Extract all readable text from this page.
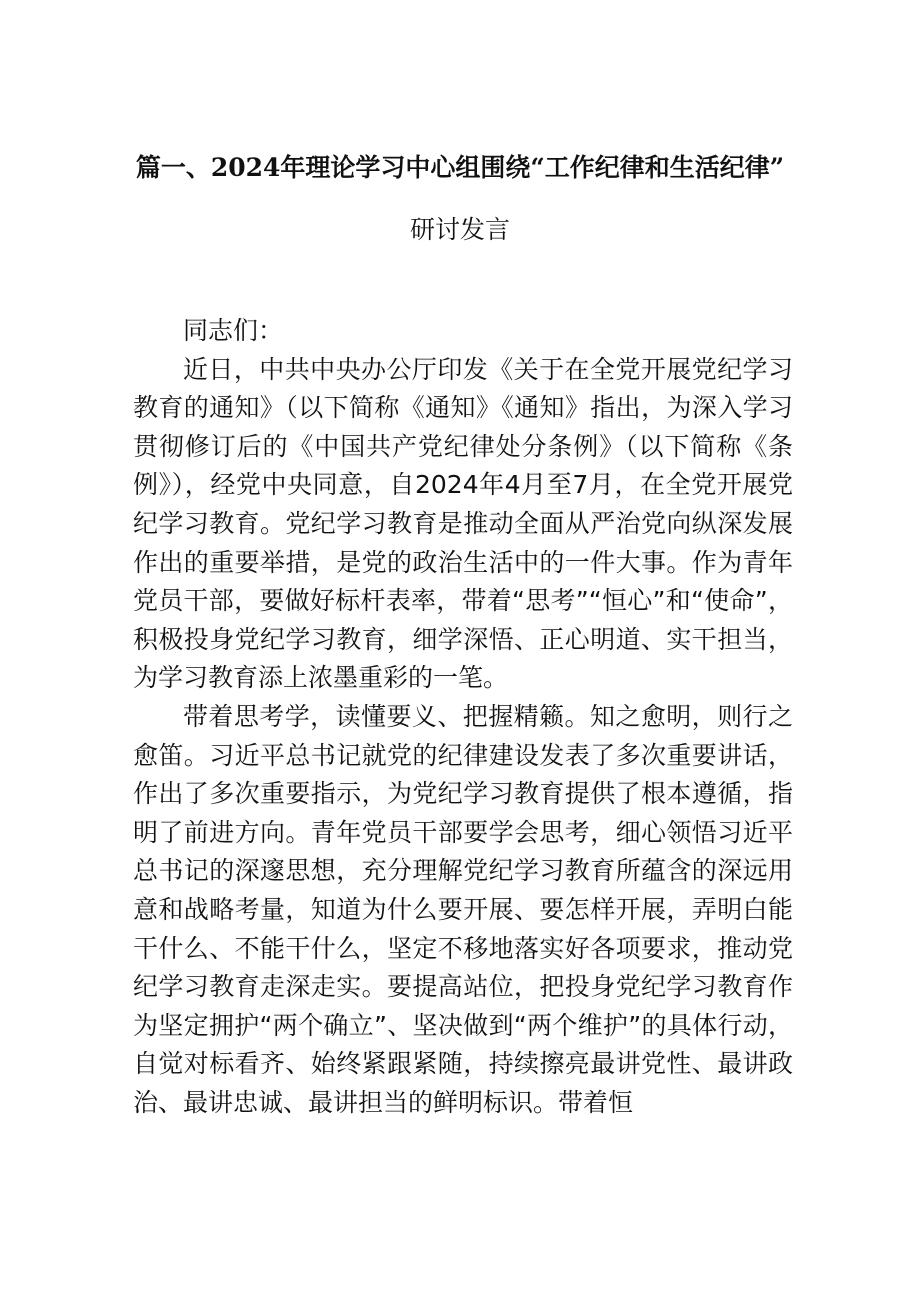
篇一、2024年理论学习中心组围绕“工作纪律和生活纪律”
研讨发言

同志们：

近日，中共中央办公厅印发《关于在全党开展党纪学习教育的通知》（以下简称《通知》《通知》指出，为深入学习贯彻修订后的《中国共产党纪律处分条例》（以下简称《条例》），经党中央同意，自2024年4月至7月，在全党开展党纪学习教育。党纪学习教育是推动全面从严治党向纵深发展作出的重要举措，是党的政治生活中的一件大事。作为青年党员干部，要做好标杆表率，带着“思考”“恒心”和“使命”，积极投身党纪学习教育，细学深悟、正心明道、实干担当，为学习教育添上浓墨重彩的一笔。

带着思考学，读懂要义、把握精籁。知之愈明，则行之愈笛。习近平总书记就党的纪律建设发表了多次重要讲话，作出了多次重要指示，为党纪学习教育提供了根本遵循，指明了前进方向。青年党员干部要学会思考，细心领悟习近平总书记的深邃思想，充分理解党纪学习教育所蕴含的深远用意和战略考量，知道为什么要开展、要怎样开展，弄明白能干什么、不能干什么，坚定不移地落实好各项要求，推动党纪学习教育走深走实。要提高站位，把投身党纪学习教育作为坚定拥护“两个确立”、坚决做到“两个维护”的具体行动，自觉对标看齐、始终紧跟紧随，持续擦亮最讲党性、最讲政治、最讲忠诚、最讲担当的鲜明标识。带着恒
